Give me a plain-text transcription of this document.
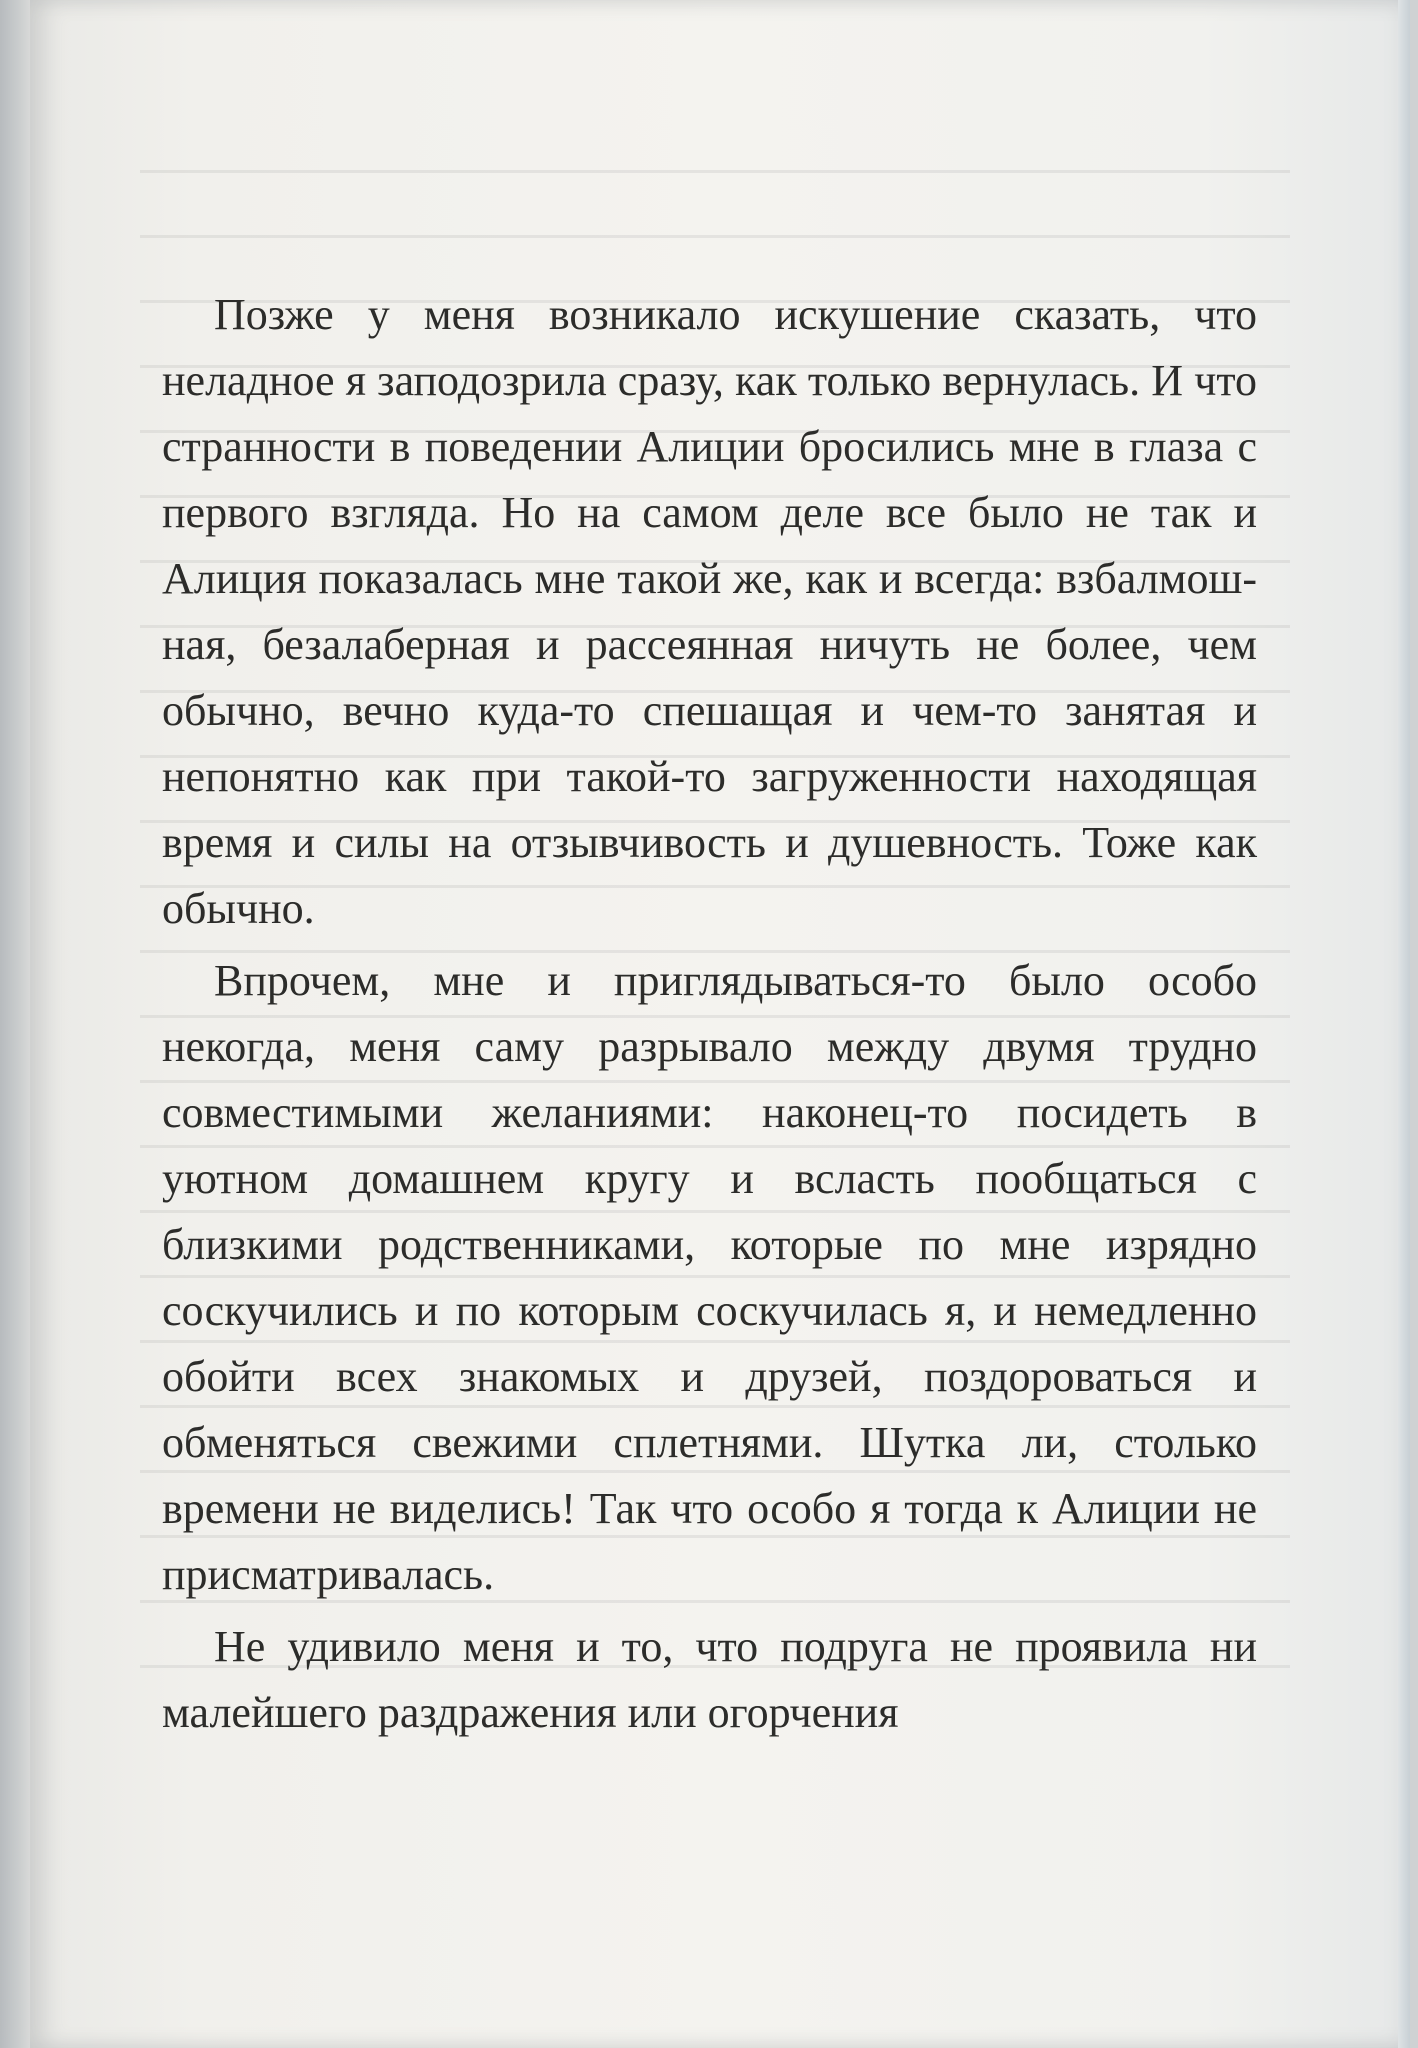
Позже у меня возникало искушение сказать, что неладное я заподозрила сразу, как только вернулась. И что странности в поведении Алиции бросились мне в глаза с первого взгляда. Но на самом деле все было не так и Алиция показалась мне такой же, как и всегда: взбалмошная, безалаберная и рассеянная ничуть не более, чем обычно, вечно куда-то спешащая и чем-то занятая и непонятно как при такой-то загруженности находящая время и силы на отзывчивость и душевность. Тоже как обычно.

Впрочем, мне и приглядываться-то было особо некогда, меня саму разрывало между двумя трудно совместимыми желаниями: наконец-то посидеть в уютном домашнем кругу и всласть пообщаться с близкими родственниками, которые по мне изрядно соскучились и по которым соскучилась я, и немедленно обойти всех знакомых и друзей, поздороваться и обменяться свежими сплетнями. Шутка ли, столько времени не виделись! Так что особо я тогда к Алиции не присматривалась.

Не удивило меня и то, что подруга не проявила ни малейшего раздражения или огорчения
